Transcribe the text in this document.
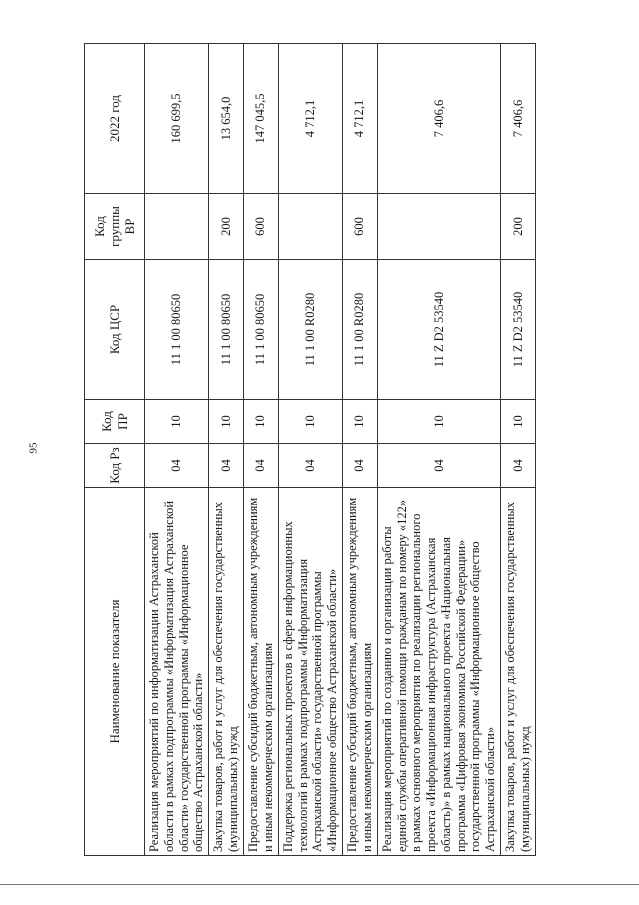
95
Наименование показателя	Код Рз	Код ПР	Код ЦСР	Код группы ВР	2022 год
Реализация мероприятий по информатизации Астраханской области в рамках подпрограммы «Информатизация Астраханской области» государственной программы «Информационное общество Астраханской области»	04	10	11 1 00 80650		160 699,5
Закупка товаров, работ и услуг для обеспечения государственных (муниципальных) нужд	04	10	11 1 00 80650	200	13 654,0
Предоставление субсидий бюджетным, автономным учреждениям и иным некоммерческим организациям	04	10	11 1 00 80650	600	147 045,5
Поддержка региональных проектов в сфере информационных технологий в рамках подпрограммы «Информатизация Астраханской области» государственной программы «Информационное общество Астраханской области»	04	10	11 1 00 R0280		4 712,1
Предоставление субсидий бюджетным, автономным учреждениям и иным некоммерческим организациям	04	10	11 1 00 R0280	600	4 712,1
Реализация мероприятий по созданию и организации работы единой службы оперативной помощи гражданам по номеру «122» в рамках основного мероприятия по реализации регионального проекта «Информационная инфраструктура (Астраханская область)» в рамках национального проекта «Национальная программа «Цифровая экономика Российской Федерации» государственной программы «Информационное общество Астраханской области»	04	10	11 Z D2 53540		7 406,6
Закупка товаров, работ и услуг для обеспечения государственных (муниципальных) нужд	04	10	11 Z D2 53540	200	7 406,6
